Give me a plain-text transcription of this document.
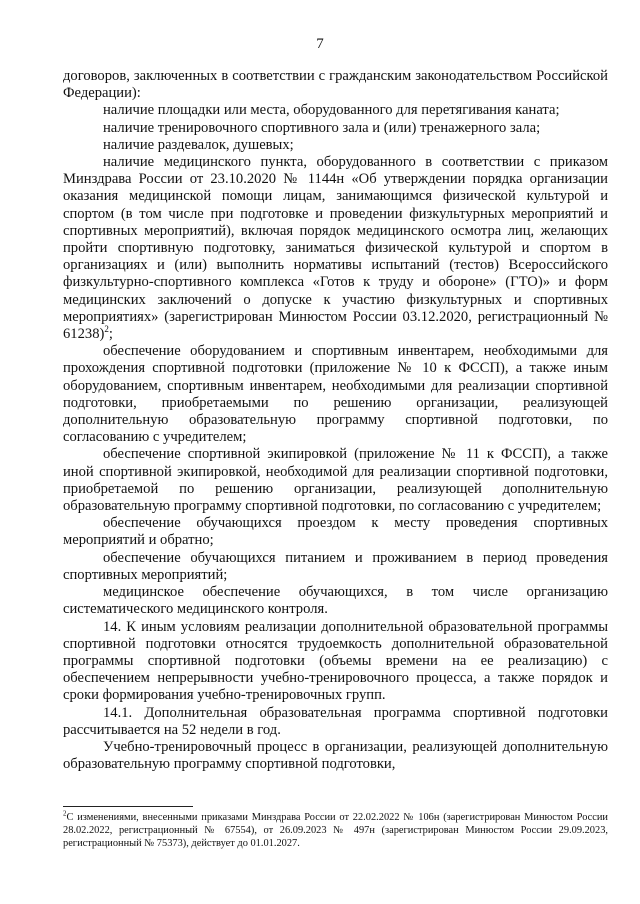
7

договоров, заключенных в соответствии с гражданским законодательством Российской Федерации):

наличие площадки или места, оборудованного для перетягивания каната;

наличие тренировочного спортивного зала и (или) тренажерного зала;

наличие раздевалок, душевых;

наличие медицинского пункта, оборудованного в соответствии с приказом Минздрава России от 23.10.2020 № 1144н «Об утверждении порядка организации оказания медицинской помощи лицам, занимающимся физической культурой и спортом (в том числе при подготовке и проведении физкультурных мероприятий и спортивных мероприятий), включая порядок медицинского осмотра лиц, желающих пройти спортивную подготовку, заниматься физической культурой и спортом в организациях и (или) выполнить нормативы испытаний (тестов) Всероссийского физкультурно-спортивного комплекса «Готов к труду и обороне» (ГТО)» и форм медицинских заключений о допуске к участию физкультурных и спортивных мероприятиях» (зарегистрирован Минюстом России 03.12.2020, регистрационный № 61238)$^2$;

обеспечение оборудованием и спортивным инвентарем, необходимыми для прохождения спортивной подготовки (приложение № 10 к ФССП), а также иным оборудованием, спортивным инвентарем, необходимыми для реализации спортивной подготовки, приобретаемыми по решению организации, реализующей дополнительную образовательную программу спортивной подготовки, по согласованию с учредителем;

обеспечение спортивной экипировкой (приложение № 11 к ФССП), а также иной спортивной экипировкой, необходимой для реализации спортивной подготовки, приобретаемой по решению организации, реализующей дополнительную образовательную программу спортивной подготовки, по согласованию с учредителем;

обеспечение обучающихся проездом к месту проведения спортивных мероприятий и обратно;

обеспечение обучающихся питанием и проживанием в период проведения спортивных мероприятий;

медицинское обеспечение обучающихся, в том числе организацию систематического медицинского контроля.

14. К иным условиям реализации дополнительной образовательной программы спортивной подготовки относятся трудоемкость дополнительной образовательной программы спортивной подготовки (объемы времени на ее реализацию) с обеспечением непрерывности учебно-тренировочного процесса, а также порядок и сроки формирования учебно-тренировочных групп.

14.1. Дополнительная образовательная программа спортивной подготовки рассчитывается на 52 недели в год.

Учебно-тренировочный процесс в организации, реализующей дополнительную образовательную программу спортивной подготовки,

$^2$С изменениями, внесенными приказами Минздрава России от 22.02.2022 № 106н (зарегистрирован Минюстом России 28.02.2022, регистрационный № 67554), от 26.09.2023 № 497н (зарегистрирован Минюстом России 29.09.2023, регистрационный № 75373), действует до 01.01.2027.
